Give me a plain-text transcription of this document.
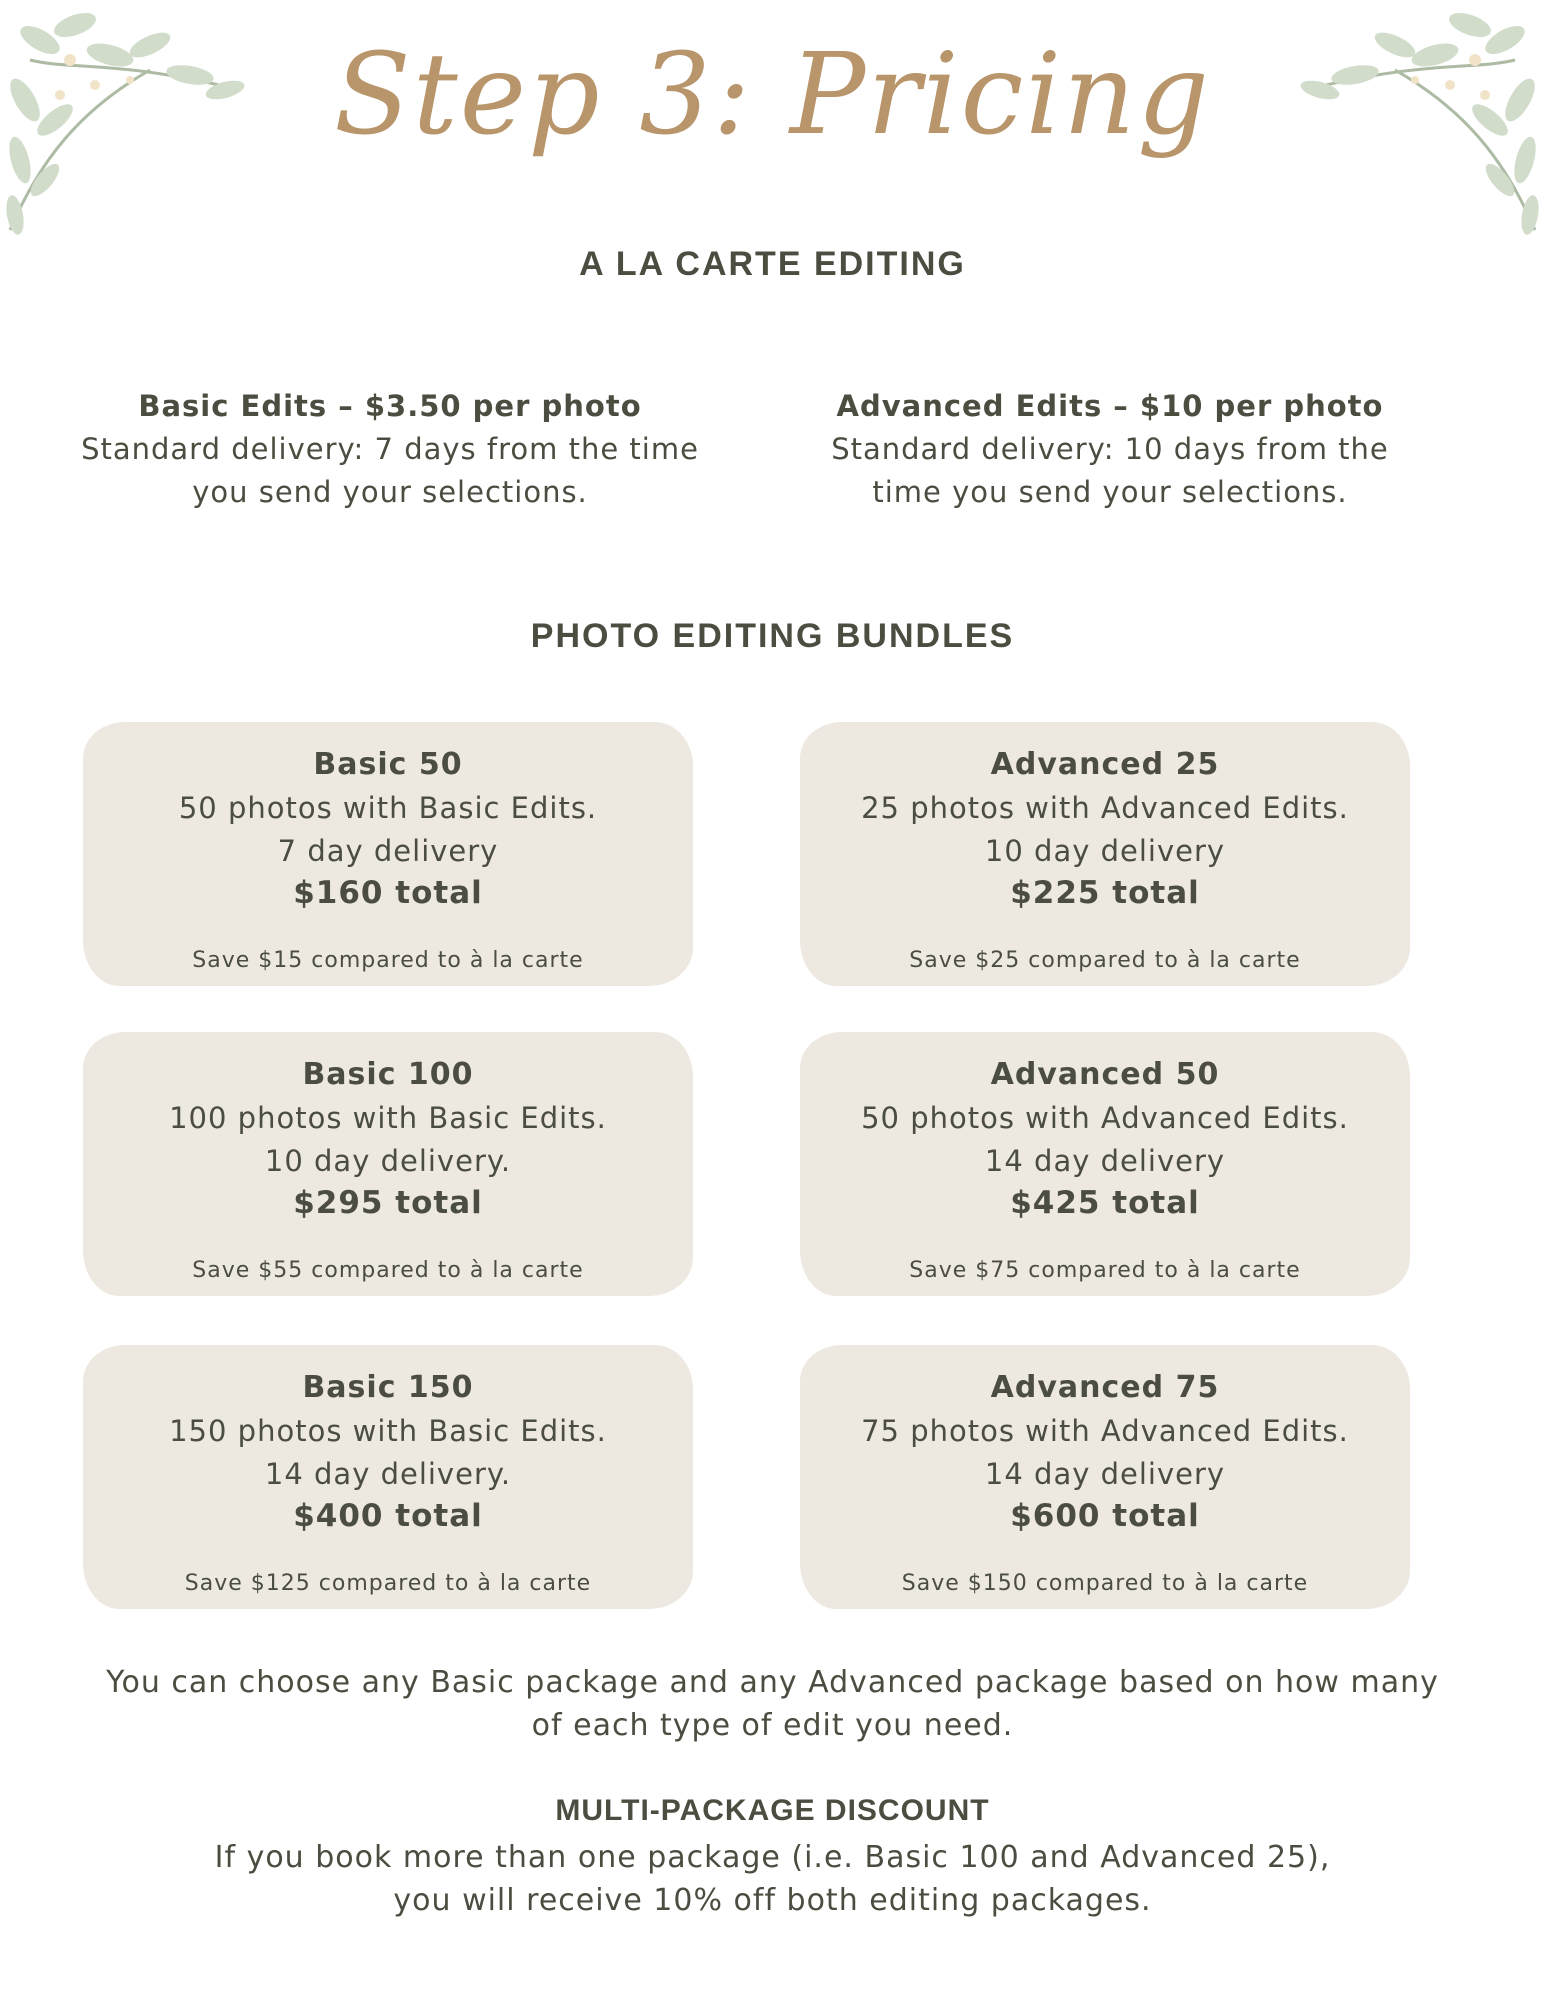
Step 3: Pricing
A LA CARTE EDITING
Basic Edits – $3.50 per photo
Standard delivery: 7 days from the time
you send your selections.
Advanced Edits – $10 per photo
Standard delivery: 10 days from the
time you send your selections.
PHOTO EDITING BUNDLES
Basic 50
50 photos with Basic Edits.
7 day delivery
$160 total
Save $15 compared to à la carte
Advanced 25
25 photos with Advanced Edits.
10 day delivery
$225 total
Save $25 compared to à la carte
Basic 100
100 photos with Basic Edits.
10 day delivery.
$295 total
Save $55 compared to à la carte
Advanced 50
50 photos with Advanced Edits.
14 day delivery
$425 total
Save $75 compared to à la carte
Basic 150
150 photos with Basic Edits.
14 day delivery.
$400 total
Save $125 compared to à la carte
Advanced 75
75 photos with Advanced Edits.
14 day delivery
$600 total
Save $150 compared to à la carte
You can choose any Basic package and any Advanced package based on how many
of each type of edit you need.
MULTI-PACKAGE DISCOUNT
If you book more than one package (i.e. Basic 100 and Advanced 25),
you will receive 10% off both editing packages.
